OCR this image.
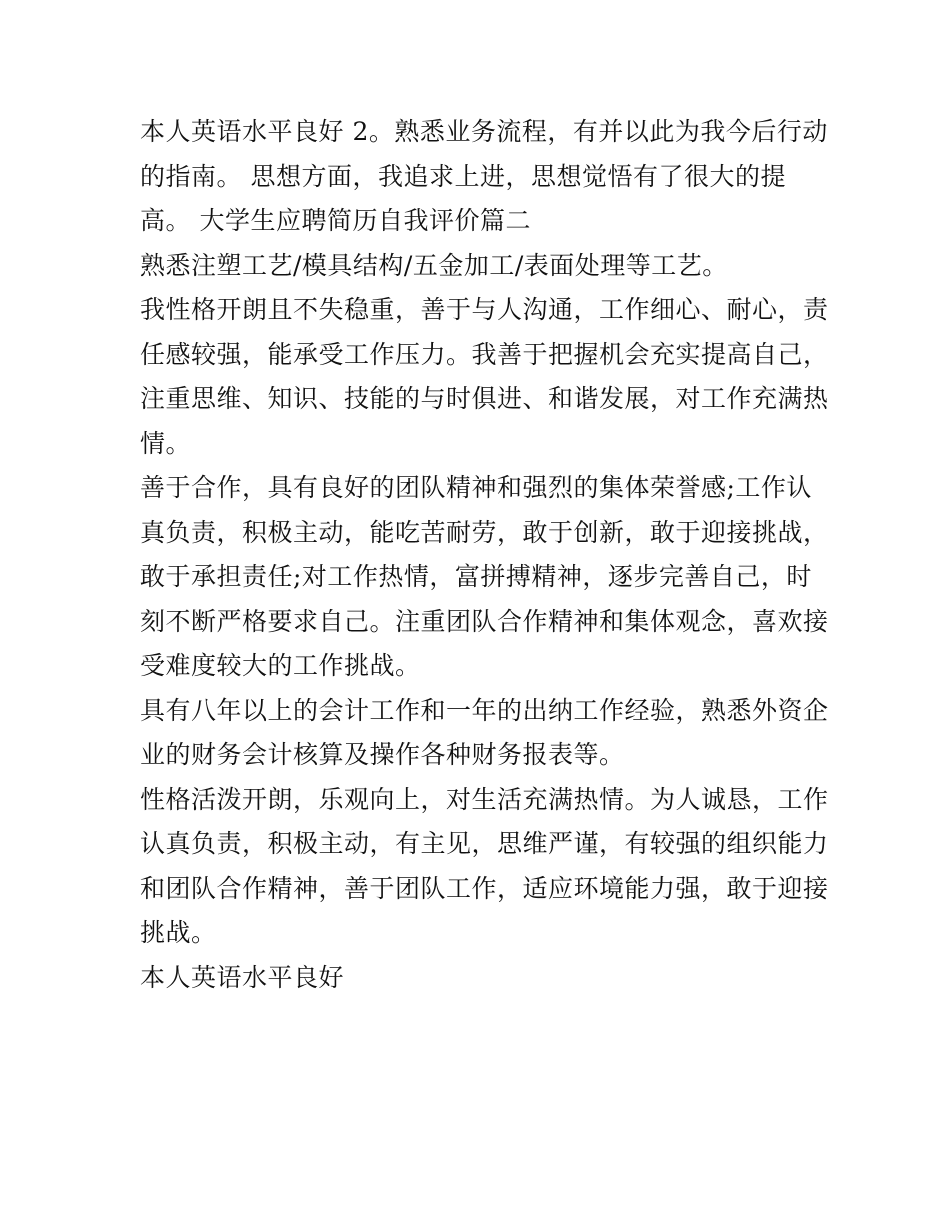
本人英语水平良好 2。熟悉业务流程，有并以此为我今后行动
的指南。 思想方面，我追求上进，思想觉悟有了很大的提
高。 大学生应聘简历自我评价篇二
熟悉注塑工艺/模具结构/五金加工/表面处理等工艺。
我性格开朗且不失稳重，善于与人沟通，工作细心、耐心，责
任感较强，能承受工作压力。我善于把握机会充实提高自己，
注重思维、知识、技能的与时俱进、和谐发展，对工作充满热
情。
善于合作，具有良好的团队精神和强烈的集体荣誉感;工作认
真负责，积极主动，能吃苦耐劳，敢于创新，敢于迎接挑战，
敢于承担责任;对工作热情，富拼搏精神，逐步完善自己，时
刻不断严格要求自己。注重团队合作精神和集体观念，喜欢接
受难度较大的工作挑战。
具有八年以上的会计工作和一年的出纳工作经验，熟悉外资企
业的财务会计核算及操作各种财务报表等。
性格活泼开朗，乐观向上，对生活充满热情。为人诚恳，工作
认真负责，积极主动，有主见，思维严谨，有较强的组织能力
和团队合作精神，善于团队工作，适应环境能力强，敢于迎接
挑战。
本人英语水平良好
